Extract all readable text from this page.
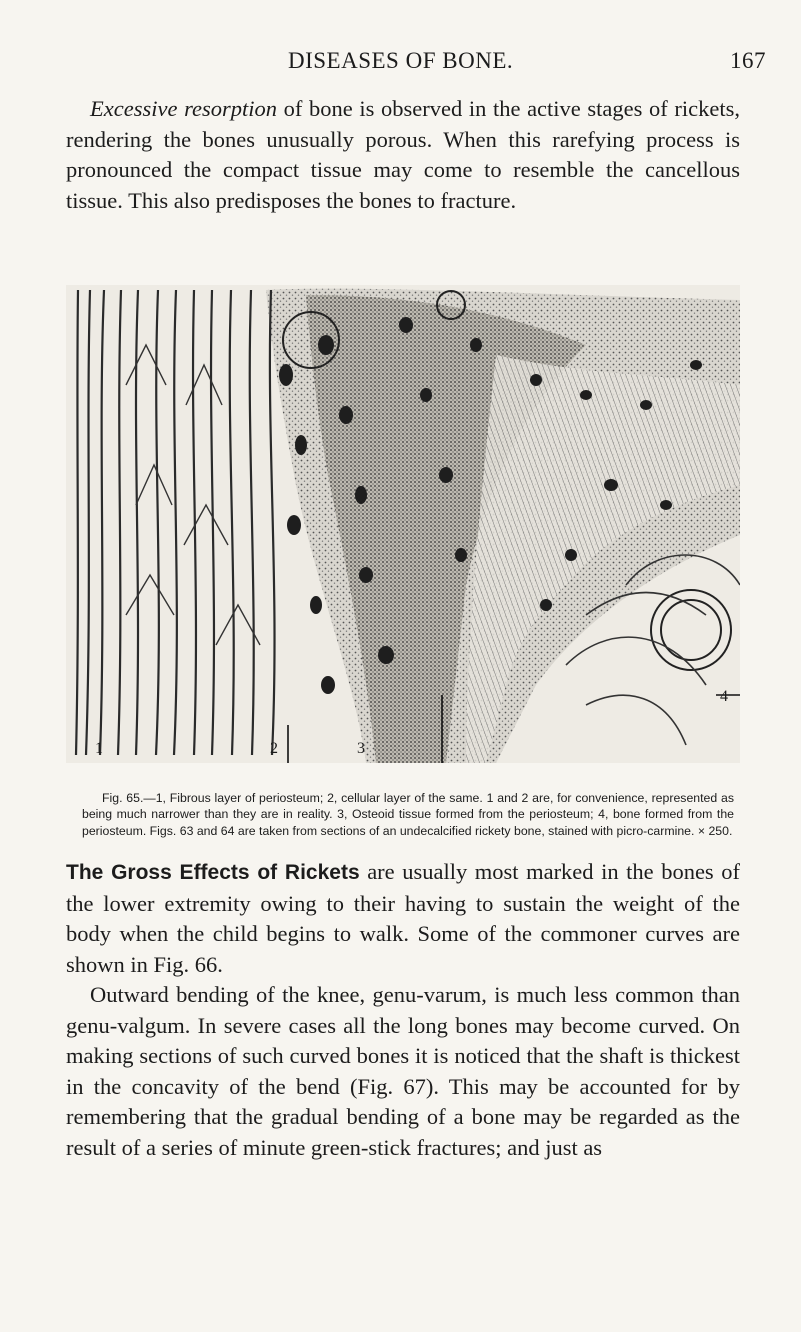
DISEASES OF BONE.	167
Excessive resorption of bone is observed in the active stages of rickets, rendering the bones unusually porous. When this rarefying process is pronounced the compact tissue may come to resemble the cancellous tissue. This also predisposes the bones to fracture.
1	2	3
4
Fig. 65.—1, Fibrous layer of periosteum; 2, cellular layer of the same. 1 and 2 are, for convenience, represented as being much narrower than they are in reality. 3, Osteoid tissue formed from the periosteum; 4, bone formed from the periosteum. Figs. 63 and 64 are taken from sections of an undecalcified rickety bone, stained with picro-carmine. × 250.

The Gross Effects of Rickets are usually most marked in the bones of the lower extremity owing to their having to sustain the weight of the body when the child begins to walk. Some of the commoner curves are shown in Fig. 66.

Outward bending of the knee, genu-varum, is much less common than genu-valgum. In severe cases all the long bones may become curved. On making sections of such curved bones it is noticed that the shaft is thickest in the concavity of the bend (Fig. 67). This may be accounted for by remembering that the gradual bending of a bone may be regarded as the result of a series of minute green-stick fractures; and just as
